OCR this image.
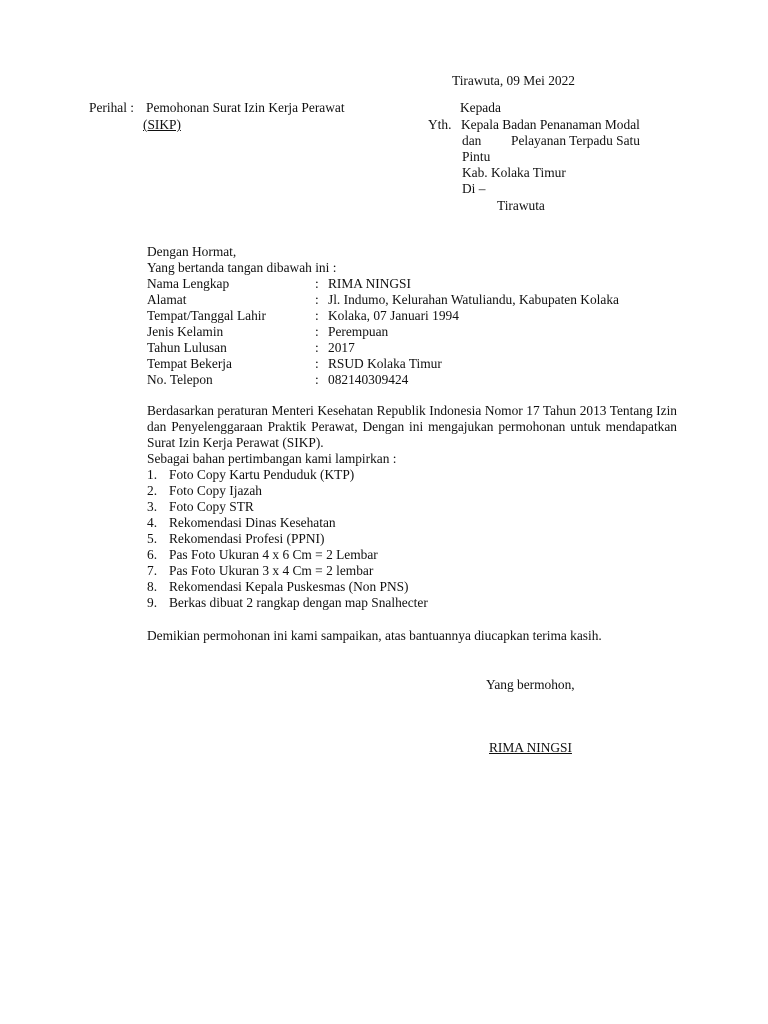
Tirawuta, 09 Mei 2022
Perihal : Pemohonan Surat Izin Kerja Perawat
(SIKP)
Kepada
Yth. Kepala Badan Penanaman Modal
dan Pelayanan Terpadu Satu
Pintu
Kab. Kolaka Timur
Di –
Tirawuta
Dengan Hormat,
Yang bertanda tangan dibawah ini :
Nama Lengkap	: RIMA NINGSI
Alamat	: Jl. Indumo, Kelurahan Watuliandu, Kabupaten Kolaka
Tempat/Tanggal Lahir	: Kolaka, 07 Januari 1994
Jenis Kelamin	: Perempuan
Tahun Lulusan	: 2017
Tempat Bekerja	: RSUD Kolaka Timur
No. Telepon	: 082140309424
Berdasarkan peraturan Menteri Kesehatan Republik Indonesia Nomor 17 Tahun 2013 Tentang Izin dan Penyelenggaraan Praktik Perawat, Dengan ini mengajukan permohonan untuk mendapatkan Surat Izin Kerja Perawat (SIKP).
Sebagai bahan pertimbangan kami lampirkan :
1. Foto Copy Kartu Penduduk (KTP)
2. Foto Copy Ijazah
3. Foto Copy STR
4. Rekomendasi Dinas Kesehatan
5. Rekomendasi Profesi (PPNI)
6. Pas Foto Ukuran 4 x 6 Cm = 2 Lembar
7. Pas Foto Ukuran 3 x 4 Cm = 2 lembar
8. Rekomendasi Kepala Puskesmas (Non PNS)
9. Berkas dibuat 2 rangkap dengan map Snalhecter
Demikian permohonan ini kami sampaikan, atas bantuannya diucapkan terima kasih.
Yang bermohon,
RIMA NINGSI
